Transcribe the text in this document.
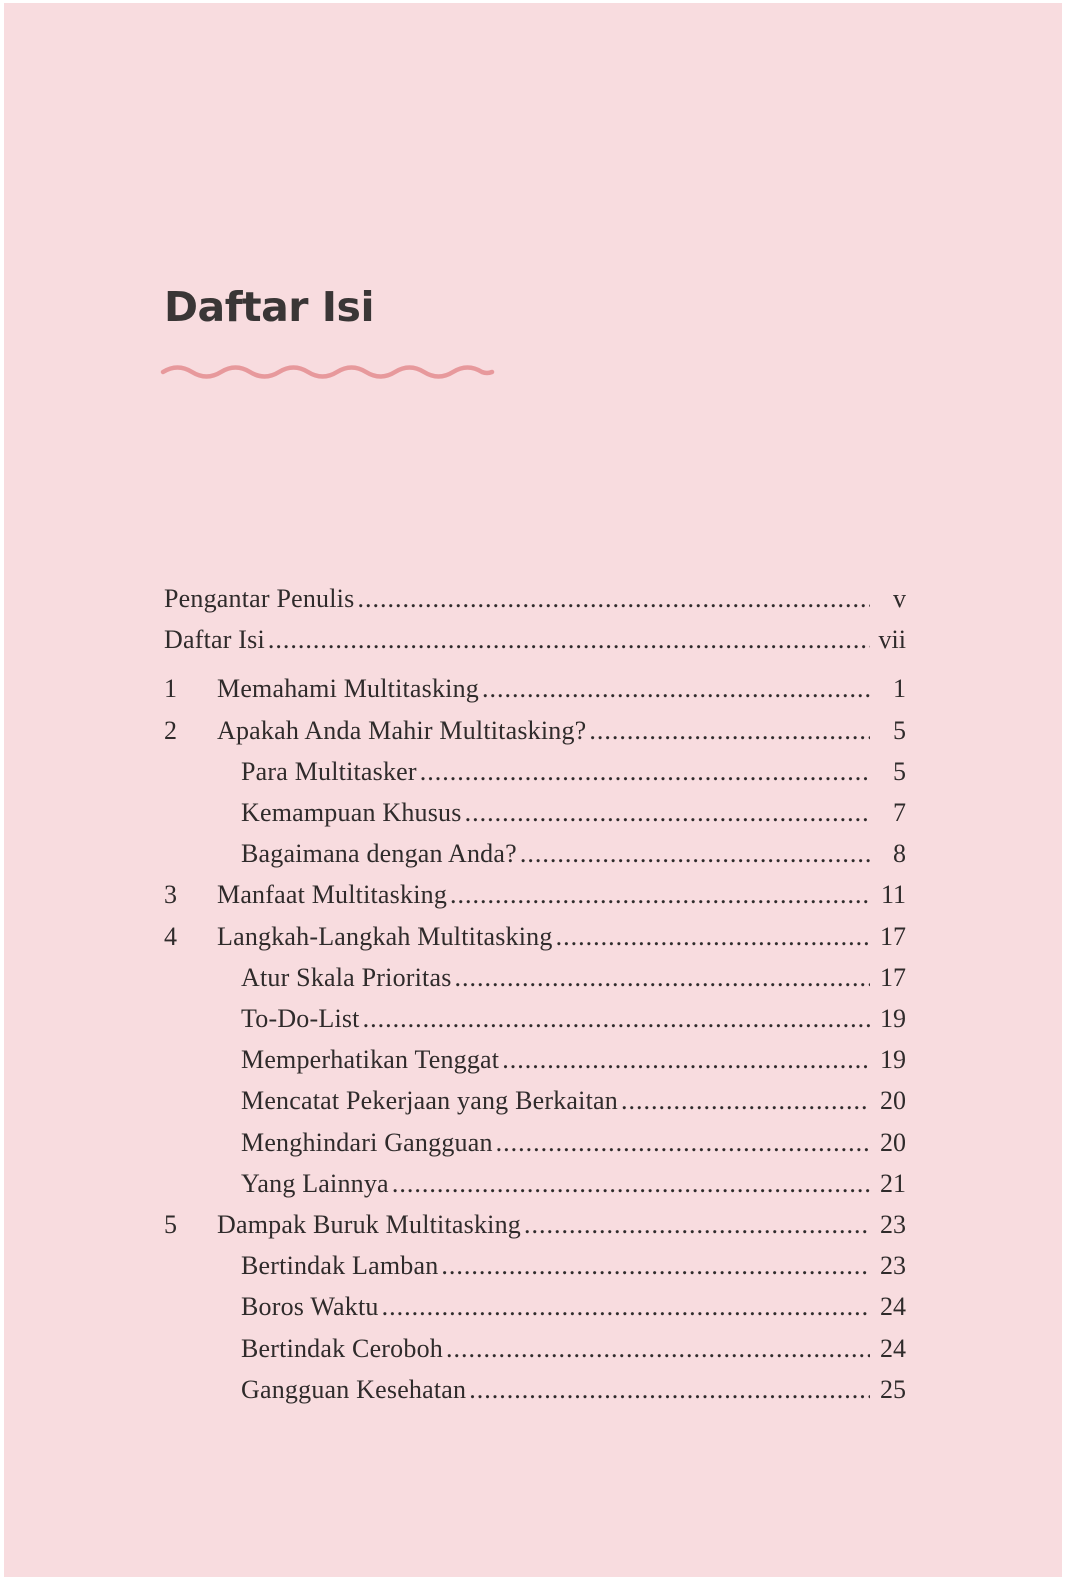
Daftar Isi
Pengantar Penulis .....	v
Daftar Isi .....	vii
1	Memahami Multitasking .....	1
2	Apakah Anda Mahir Multitasking? .....	5
Para Multitasker .....	5
Kemampuan Khusus .....	7
Bagaimana dengan Anda? .....	8
3	Manfaat Multitasking .....	11
4	Langkah-Langkah Multitasking .....	17
Atur Skala Prioritas .....	17
To-Do-List .....	19
Memperhatikan Tenggat .....	19
Mencatat Pekerjaan yang Berkaitan .....	20
Menghindari Gangguan .....	20
Yang Lainnya .....	21
5	Dampak Buruk Multitasking .....	23
Bertindak Lamban .....	23
Boros Waktu .....	24
Bertindak Ceroboh .....	24
Gangguan Kesehatan .....	25
